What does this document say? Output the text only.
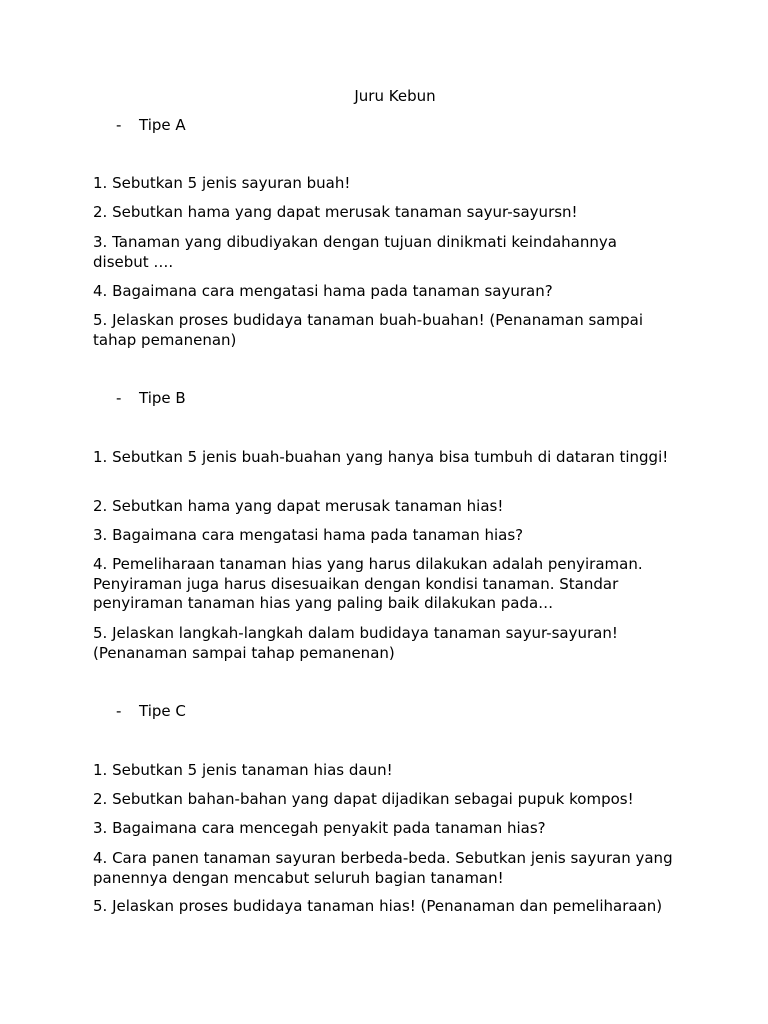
Juru Kebun
- Tipe A
1. Sebutkan 5 jenis sayuran buah!
2. Sebutkan hama yang dapat merusak tanaman sayur-sayursn!
3. Tanaman yang dibudiyakan dengan tujuan dinikmati keindahannya disebut ….
4. Bagaimana cara mengatasi hama pada tanaman sayuran?
5. Jelaskan proses budidaya tanaman buah-buahan! (Penanaman sampai tahap pemanenan)
- Tipe B
1. Sebutkan 5 jenis buah-buahan yang hanya bisa tumbuh di dataran tinggi!
2. Sebutkan hama yang dapat merusak tanaman hias!
3. Bagaimana cara mengatasi hama pada tanaman hias?
4. Pemeliharaan tanaman hias yang harus dilakukan adalah penyiraman. Penyiraman juga harus disesuaikan dengan kondisi tanaman. Standar penyiraman tanaman hias yang paling baik dilakukan pada…
5. Jelaskan langkah-langkah dalam budidaya tanaman sayur-sayuran! (Penanaman sampai tahap pemanenan)
- Tipe C
1. Sebutkan 5 jenis tanaman hias daun!
2. Sebutkan bahan-bahan yang dapat dijadikan sebagai pupuk kompos!
3. Bagaimana cara mencegah penyakit pada tanaman hias?
4. Cara panen tanaman sayuran berbeda-beda. Sebutkan jenis sayuran yang panennya dengan mencabut seluruh bagian tanaman!
5. Jelaskan proses budidaya tanaman hias! (Penanaman dan pemeliharaan)
